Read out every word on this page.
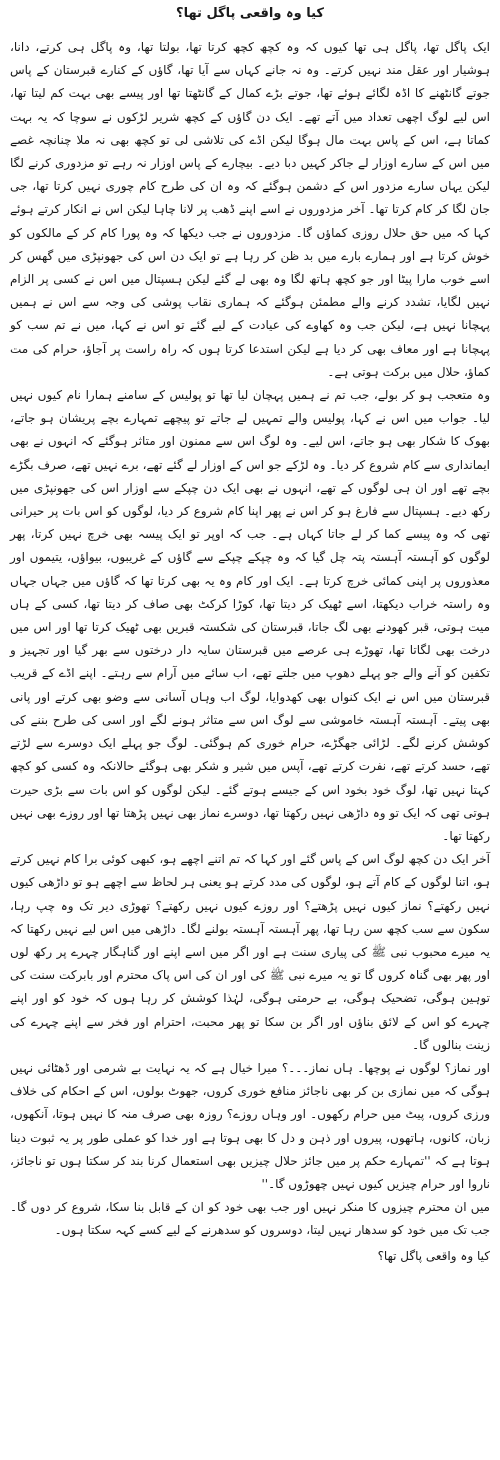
کیا وہ واقعی پاگل تھا؟

ایک پاگل تھا، پاگل ہی تھا کیوں کہ وہ کچھ کچھ کرتا تھا، بولتا تھا، وہ پاگل ہی کرتے، دانا، ہوشیار اور عقل مند نہیں کرتے۔ وہ نہ جانے کہاں سے آیا تھا، گاؤں کے کنارے قبرستان کے پاس جوتے گانٹھنے کا اڈہ لگائے ہوئے تھا، جوتے بڑے کمال کے گانٹھتا تھا اور پیسے بھی بہت کم لیتا تھا، اس لیے لوگ اچھی تعداد میں آتے تھے۔ ایک دن گاؤں کے کچھ شریر لڑکوں نے سوچا کہ یہ بہت کماتا ہے، اس کے پاس بہت مال ہوگا لیکن اڈے کی تلاشی لی تو کچھ بھی نہ ملا چنانچہ غصے میں اس کے سارے اوزار لے جاکر کہیں دبا دیے۔ بیچارے کے پاس اوزار نہ رہے تو مزدوری کرنے لگا لیکن یہاں سارے مزدور اس کے دشمن ہوگئے کہ وہ ان کی طرح کام چوری نہیں کرتا تھا، جی جان لگا کر کام کرتا تھا۔ آخر مزدوروں نے اسے اپنے ڈھب پر لانا چاہا لیکن اس نے انکار کرتے ہوئے کہا کہ میں حق حلال روزی کماؤں گا۔ مزدوروں نے جب دیکھا کہ وہ پورا کام کر کے مالکوں کو خوش کرتا ہے اور ہمارے بارے میں بد ظن کر رہا ہے تو ایک دن اس کی جھونپڑی میں گھس کر اسے خوب مارا پیٹا اور جو کچھ ہاتھ لگا وہ بھی لے گئے لیکن ہسپتال میں اس نے کسی پر الزام نہیں لگایا، تشدد کرنے والے مطمئن ہوگئے کہ ہماری نقاب پوشی کی وجہ سے اس نے ہمیں پہچانا نہیں ہے، لیکن جب وہ کھاوے کی عیادت کے لیے گئے تو اس نے کہا، میں نے تم سب کو پہچانا ہے اور معاف بھی کر دیا ہے لیکن استدعا کرتا ہوں کہ راہ راست پر آجاؤ، حرام کی مت کماؤ، حلال میں برکت ہوتی ہے۔

وہ متعجب ہو کر بولے، جب تم نے ہمیں پہچان لیا تھا تو پولیس کے سامنے ہمارا نام کیوں نہیں لیا۔ جواب میں اس نے کہا، پولیس والے تمہیں لے جاتے تو پیچھے تمہارے بچے پریشان ہو جاتے، بھوک کا شکار بھی ہو جاتے، اس لیے۔ وہ لوگ اس سے ممنون اور متاثر ہوگئے کہ انہوں نے بھی ایمانداری سے کام شروع کر دیا۔ وہ لڑکے جو اس کے اوزار لے گئے تھے، برے نہیں تھے، صرف بگڑے بچے تھے اور ان ہی لوگوں کے تھے، انہوں نے بھی ایک دن چپکے سے اوزار اس کی جھونپڑی میں رکھ دیے۔ ہسپتال سے فارغ ہو کر اس نے پھر اپنا کام شروع کر دیا، لوگوں کو اس بات پر حیرانی تھی کہ وہ پیسے کما کر لے جاتا کہاں ہے۔ جب کہ اوپر تو ایک پیسہ بھی خرچ نہیں کرتا، پھر لوگوں کو آہستہ آہستہ پتہ چل گیا کہ وہ چپکے چپکے سے گاؤں کے غریبوں، بیواؤں، یتیموں اور معذوروں پر اپنی کمائی خرچ کرتا ہے۔ ایک اور کام وہ یہ بھی کرتا تھا کہ گاؤں میں جہاں جہاں وہ راستہ خراب دیکھتا، اسے ٹھیک کر دیتا تھا، کوڑا کرکٹ بھی صاف کر دیتا تھا، کسی کے ہاں میت ہوتی، قبر کھودنے بھی لگ جاتا، قبرستان کی شکستہ قبریں بھی ٹھیک کرتا تھا اور اس میں درخت بھی لگاتا تھا، تھوڑے ہی عرصے میں قبرستان سایہ دار درختوں سے بھر گیا اور تجہیز و تکفین کو آنے والے جو پہلے دھوپ میں جلتے تھے، اب سائے میں آرام سے رہتے۔ اپنے اڈے کے قریب قبرستان میں اس نے ایک کنواں بھی کھدوایا، لوگ اب وہاں آسانی سے وضو بھی کرتے اور پانی بھی پیتے۔ آہستہ آہستہ خاموشی سے لوگ اس سے متاثر ہونے لگے اور اسی کی طرح بننے کی کوشش کرنے لگے۔ لڑائی جھگڑے، حرام خوری کم ہوگئی۔ لوگ جو پہلے ایک دوسرے سے لڑتے تھے، حسد کرتے تھے، نفرت کرتے تھے، آپس میں شیر و شکر بھی ہوگئے حالانکہ وہ کسی کو کچھ کہتا نہیں تھا، لوگ خود بخود اس کے جیسے ہوتے گئے۔ لیکن لوگوں کو اس بات سے بڑی حیرت ہوتی تھی کہ ایک تو وہ داڑھی نہیں رکھتا تھا، دوسرے نماز بھی نہیں پڑھتا تھا اور روزے بھی نہیں رکھتا تھا۔

آخر ایک دن کچھ لوگ اس کے پاس گئے اور کہا کہ تم اتنے اچھے ہو، کبھی کوئی برا کام نہیں کرتے ہو، اتنا لوگوں کے کام آتے ہو، لوگوں کی مدد کرتے ہو یعنی ہر لحاظ سے اچھے ہو تو داڑھی کیوں نہیں رکھتے؟ نماز کیوں نہیں پڑھتے؟ اور روزے کیوں نہیں رکھتے؟ تھوڑی دیر تک وہ چپ رہا، سکون سے سب کچھ سن رہا تھا، پھر آہستہ آہستہ بولنے لگا۔ داڑھی میں اس لیے نہیں رکھتا کہ یہ میرے محبوب نبی ﷺ کی پیاری سنت ہے اور اگر میں اسے اپنے اور گناہگار چہرے پر رکھ لوں اور پھر بھی گناہ کروں گا تو یہ میرے نبی ﷺ کی اور ان کی اس پاک محترم اور بابرکت سنت کی توہین ہوگی، تضحیک ہوگی، بے حرمتی ہوگی، لہٰذا کوشش کر رہا ہوں کہ خود کو اور اپنے چہرے کو اس کے لائق بناؤں اور اگر بن سکا تو پھر محبت، احترام اور فخر سے اپنے چہرے کی زینت بنالوں گا۔

اور نماز؟ لوگوں نے پوچھا۔ ہاں نماز۔۔۔؟ میرا خیال ہے کہ یہ نہایت بے شرمی اور ڈھٹائی نہیں ہوگی کہ میں نمازی بن کر بھی ناجائز منافع خوری کروں، جھوٹ بولوں، اس کے احکام کی خلاف ورزی کروں، پیٹ میں حرام رکھوں۔ اور وہاں روزے؟ روزہ بھی صرف منہ کا نہیں ہوتا، آنکھوں، زبان، کانوں، ہاتھوں، پیروں اور ذہن و دل کا بھی ہوتا ہے اور خدا کو عملی طور پر یہ ثبوت دینا ہوتا ہے کہ ''تمہارے حکم پر میں جائز حلال چیزیں بھی استعمال کرنا بند کر سکتا ہوں تو ناجائز، ناروا اور حرام چیزیں کیوں نہیں چھوڑوں گا۔''

میں ان محترم چیزوں کا منکر نہیں اور جب بھی خود کو ان کے قابل بنا سکا، شروع کر دوں گا۔ جب تک میں خود کو سدھار نہیں لیتا، دوسروں کو سدھرنے کے لیے کسے کہہ سکتا ہوں۔

کیا وہ واقعی پاگل تھا؟
